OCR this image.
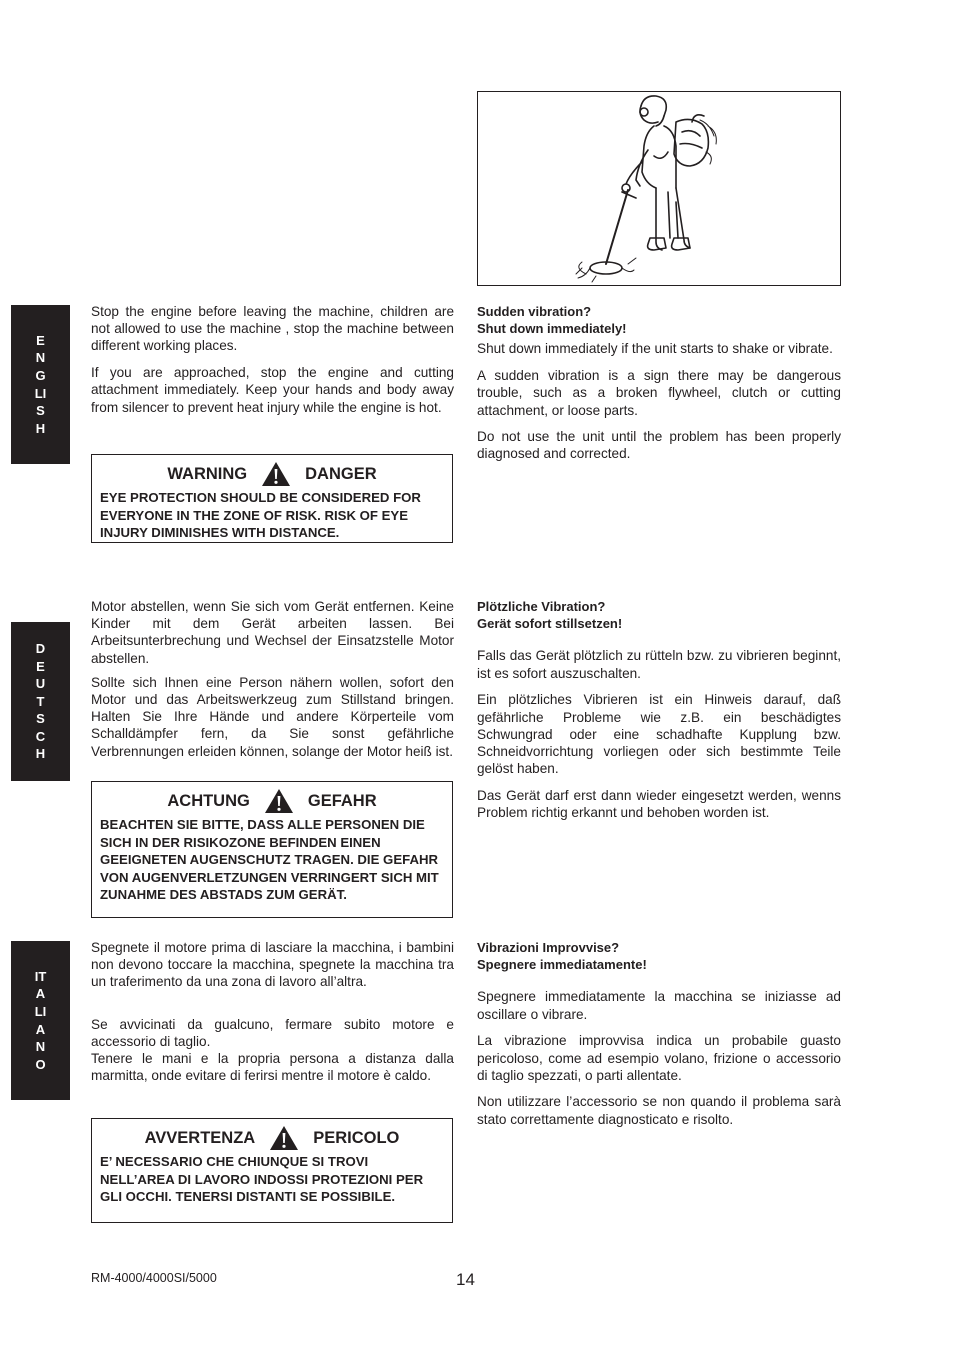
ENGLISH
DEUTSCH
ITALIANO

Stop the engine before leaving the machine, children are not allowed to use the machine , stop the machine between different working places.

If you are approached, stop the engine and cutting attachment immediately. Keep your hands and body away from silencer to prevent heat injury while the engine is hot.

WARNING	DANGER
EYE PROTECTION SHOULD BE CONSIDERED FOR EVERYONE IN THE ZONE OF RISK. RISK OF EYE INJURY DIMINISHES WITH DISTANCE.

Sudden vibration?

Shut down immediately!

Shut down immediately if the unit starts to shake or vibrate.

A sudden vibration is a sign there may be dangerous trouble, such as a broken flywheel, clutch or cutting attachment, or loose parts.

Do not use the unit until the problem has been properly diagnosed and corrected.

Motor abstellen, wenn Sie sich vom Gerät entfernen. Keine Kinder mit dem Gerät arbeiten lassen. Bei Arbeitsunterbrechung und Wechsel der Einsatzstelle Motor abstellen.

Sollte sich Ihnen eine Person nähern wollen, sofort den Motor und das Arbeitswerkzeug zum Stillstand bringen. Halten Sie Ihre Hände und andere Körperteile vom Schalldämpfer fern, da Sie sonst gefährliche Verbrennungen erleiden können, solange der Motor heiß ist.

ACHTUNG	GEFAHR
BEACHTEN SIE BITTE, DASS ALLE PERSONEN DIE SICH IN DER RISIKOZONE BEFINDEN EINEN GEEIGNETEN AUGENSCHUTZ TRAGEN. DIE GEFAHR VON AUGENVERLETZUNGEN VERRINGERT SICH MIT ZUNAHME DES ABSTADS ZUM GERÄT.

Plötzliche Vibration?

Gerät sofort stillsetzen!

Falls das Gerät plötzlich zu rütteln bzw. zu vibrieren beginnt, ist es sofort auszuschalten.

Ein plötzliches Vibrieren ist ein Hinweis darauf, daß gefährliche Probleme wie z.B. ein beschädigtes Schwungrad oder eine schadhafte Kupplung bzw. Schneidvorrichtung vorliegen oder sich bestimmte Teile gelöst haben.

Das Gerät darf erst dann wieder eingesetzt werden, wenns Problem richtig erkannt und behoben worden ist.

Spegnete il motore prima di lasciare la macchina, i bambini non devono toccare la macchina, spegnete la macchina tra un traferimento da una zona di lavoro all’altra.

Se avvicinati da gualcuno, fermare subito motore e accessorio di taglio.

Tenere le mani e la propria persona a distanza dalla marmitta, onde evitare di ferirsi mentre il motore è caldo.

AVVERTENZA	PERICOLO
E’ NECESSARIO CHE CHIUNQUE SI TROVI NELL’AREA DI LAVORO INDOSSI PROTEZIONI PER GLI OCCHI. TENERSI DISTANTI SE POSSIBILE.

Vibrazioni Improvvise?

Spegnere immediatamente!

Spegnere immediatamente la macchina se iniziasse ad oscillare o vibrare.

La vibrazione improvvisa indica un probabile guasto pericoloso, come ad esempio volano, frizione o accessorio di taglio spezzati, o parti allentate.

Non utilizzare l’accessorio se non quando il problema sarà stato correttamente diagnosticato e risolto.

RM-4000/4000SI/5000	14
